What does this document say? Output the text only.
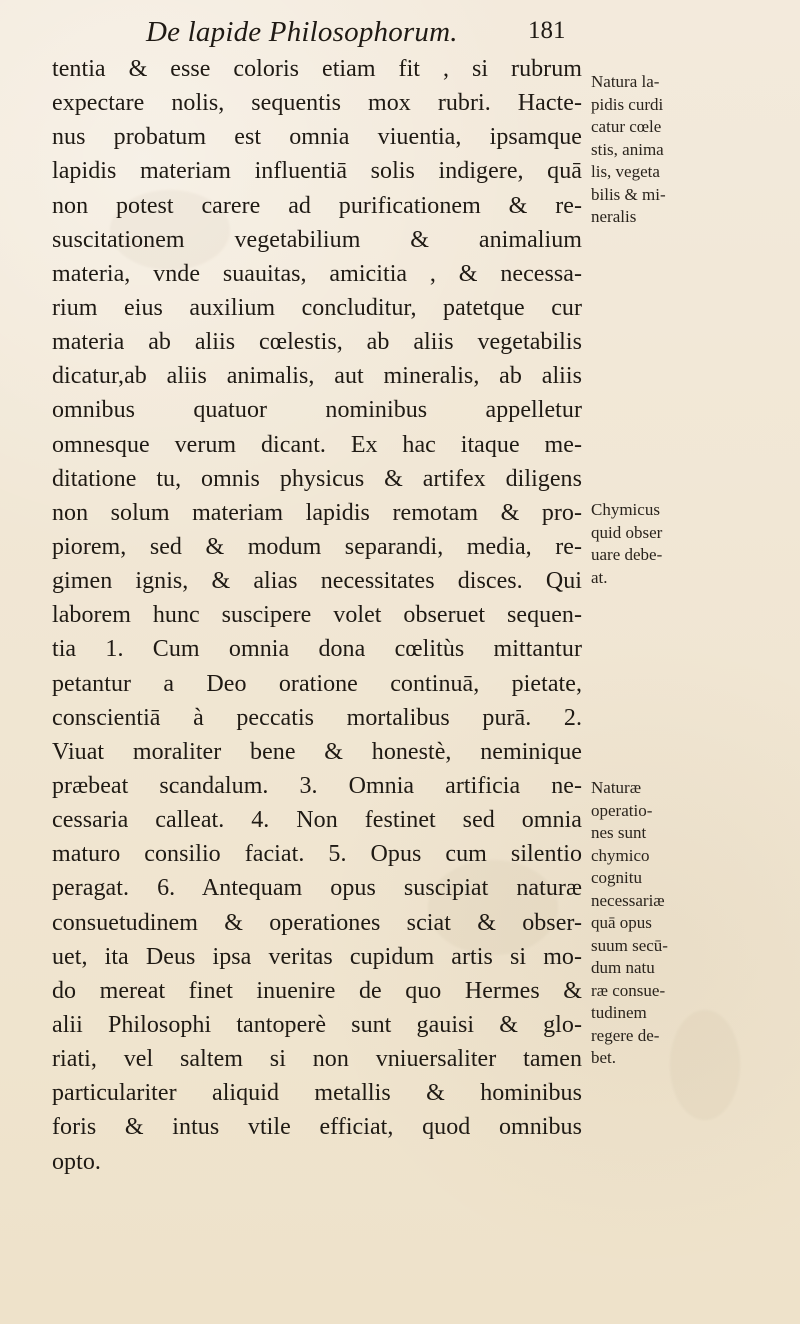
De lapide Philosophorum.	181
tentia & esse coloris etiam fit , si rubrum
expectare nolis, sequentis mox rubri. Hacte-
nus probatum est omnia viuentia, ipsamque
lapidis materiam influentiā solis indigere, quā
non potest carere ad purificationem & re-
suscitationem vegetabilium & animalium
materia, vnde suauitas, amicitia , & necessa-
rium eius auxilium concluditur, patetque cur
materia ab aliis cœlestis, ab aliis vegetabilis
dicatur,ab aliis animalis, aut mineralis, ab aliis
omnibus quatuor nominibus appelletur
omnesque verum dicant. Ex hac itaque me-
ditatione tu, omnis physicus & artifex diligens
non solum materiam lapidis remotam & pro-
piorem, sed & modum separandi, media, re-
gimen ignis, & alias necessitates disces. Qui
laborem hunc suscipere volet obseruet sequen-
tia 1. Cum omnia dona cœlitùs mittantur
petantur a Deo oratione continuā, pietate,
conscientiā à peccatis mortalibus purā. 2.
Viuat moraliter bene & honestè, neminique
præbeat scandalum. 3. Omnia artificia ne-
cessaria calleat. 4. Non festinet sed omnia
maturo consilio faciat. 5. Opus cum silentio
peragat. 6. Antequam opus suscipiat naturæ
consuetudinem & operationes sciat & obser-
uet, ita Deus ipsa veritas cupidum artis si mo-
do mereat finet inuenire de quo Hermes &
alii Philosophi tantoperè sunt gauisi & glo-
riati, vel saltem si non vniuersaliter tamen
particulariter aliquid metallis & hominibus
foris & intus vtile efficiat, quod omnibus
opto.
Natura la-
pidis curdi
catur cœle
stis, anima
lis, vegeta
bilis & mi-
neralis
Chymicus
quid obser
uare debe-
at.
Naturæ
operatio-
nes sunt
chymico
cognitu
necessariæ
quā opus
suum secū-
dum natu
ræ consue-
tudinem
regere de-
bet.
